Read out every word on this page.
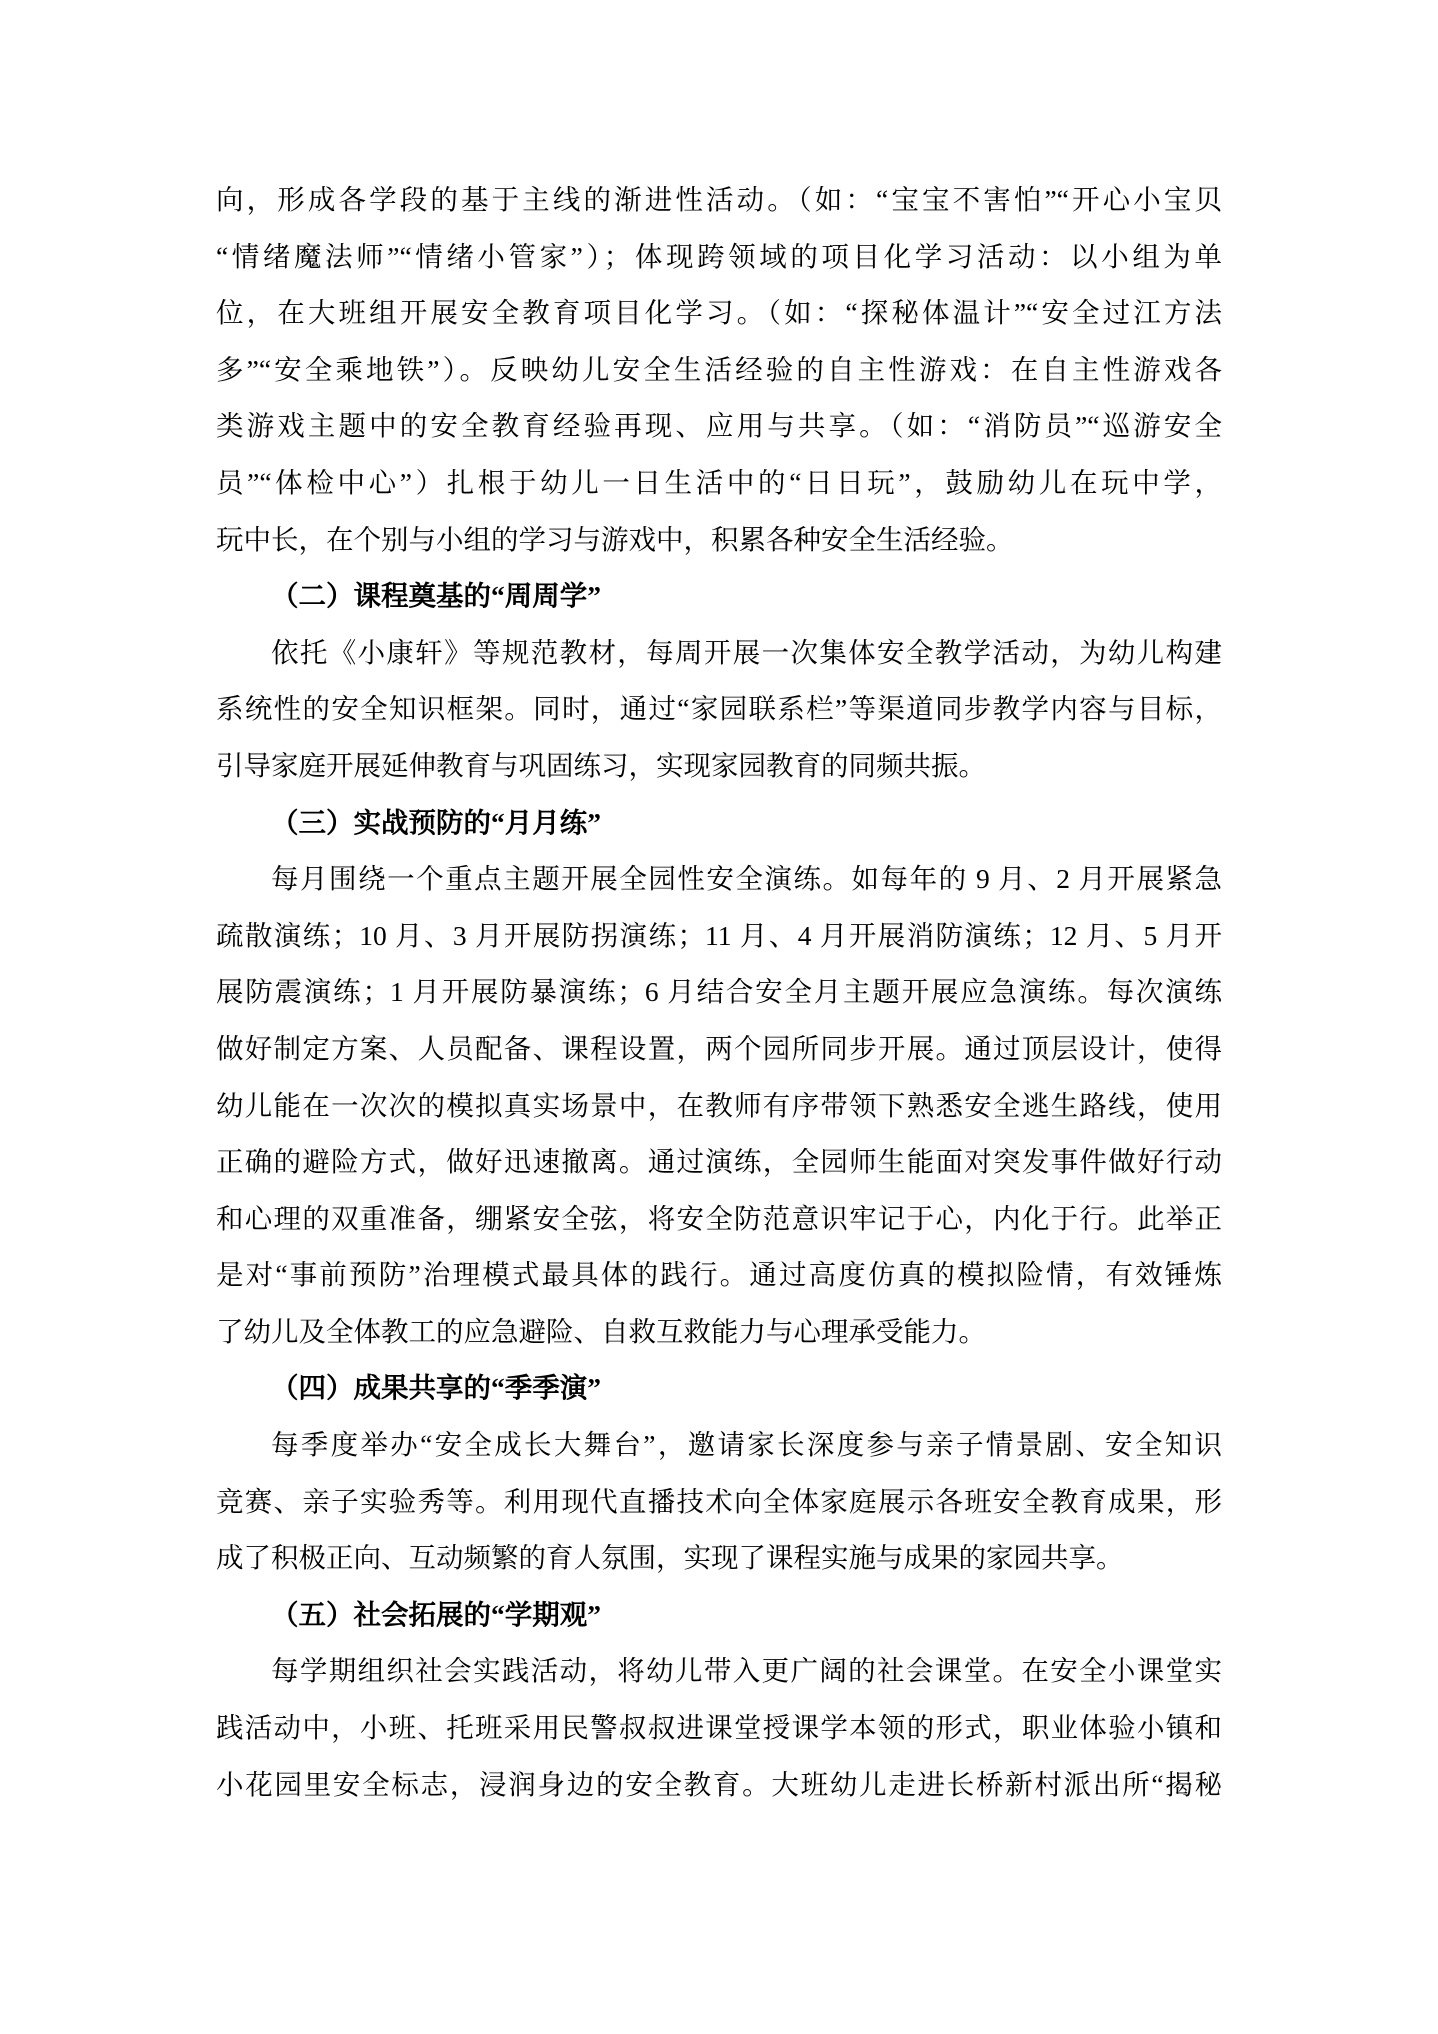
向，形成各学段的基于主线的渐进性活动。（如：“宝宝不害怕”“开心小宝贝
“情绪魔法师”“情绪小管家”）；体现跨领域的项目化学习活动：以小组为单
位，在大班组开展安全教育项目化学习。（如：“探秘体温计”“安全过江方法
多”“安全乘地铁”）。反映幼儿安全生活经验的自主性游戏：在自主性游戏各
类游戏主题中的安全教育经验再现、应用与共享。（如：“消防员”“巡游安全
员”“体检中心”）扎根于幼儿一日生活中的“日日玩”，鼓励幼儿在玩中学，
玩中长，在个别与小组的学习与游戏中，积累各种安全生活经验。
（二）课程奠基的“周周学”
依托《小康轩》等规范教材，每周开展一次集体安全教学活动，为幼儿构建
系统性的安全知识框架。同时，通过“家园联系栏”等渠道同步教学内容与目标，
引导家庭开展延伸教育与巩固练习，实现家园教育的同频共振。
（三）实战预防的“月月练”
每月围绕一个重点主题开展全园性安全演练。如每年的 9 月、2 月开展紧急
疏散演练；10 月、3 月开展防拐演练；11 月、4 月开展消防演练；12 月、5 月开
展防震演练；1 月开展防暴演练；6 月结合安全月主题开展应急演练。每次演练
做好制定方案、人员配备、课程设置，两个园所同步开展。通过顶层设计，使得
幼儿能在一次次的模拟真实场景中，在教师有序带领下熟悉安全逃生路线，使用
正确的避险方式，做好迅速撤离。通过演练，全园师生能面对突发事件做好行动
和心理的双重准备，绷紧安全弦，将安全防范意识牢记于心，内化于行。此举正
是对“事前预防”治理模式最具体的践行。通过高度仿真的模拟险情，有效锤炼
了幼儿及全体教工的应急避险、自救互救能力与心理承受能力。
（四）成果共享的“季季演”
每季度举办“安全成长大舞台”，邀请家长深度参与亲子情景剧、安全知识
竞赛、亲子实验秀等。利用现代直播技术向全体家庭展示各班安全教育成果，形
成了积极正向、互动频繁的育人氛围，实现了课程实施与成果的家园共享。
（五）社会拓展的“学期观”
每学期组织社会实践活动，将幼儿带入更广阔的社会课堂。在安全小课堂实
践活动中，小班、托班采用民警叔叔进课堂授课学本领的形式，职业体验小镇和
小花园里安全标志，浸润身边的安全教育。大班幼儿走进长桥新村派出所“揭秘
